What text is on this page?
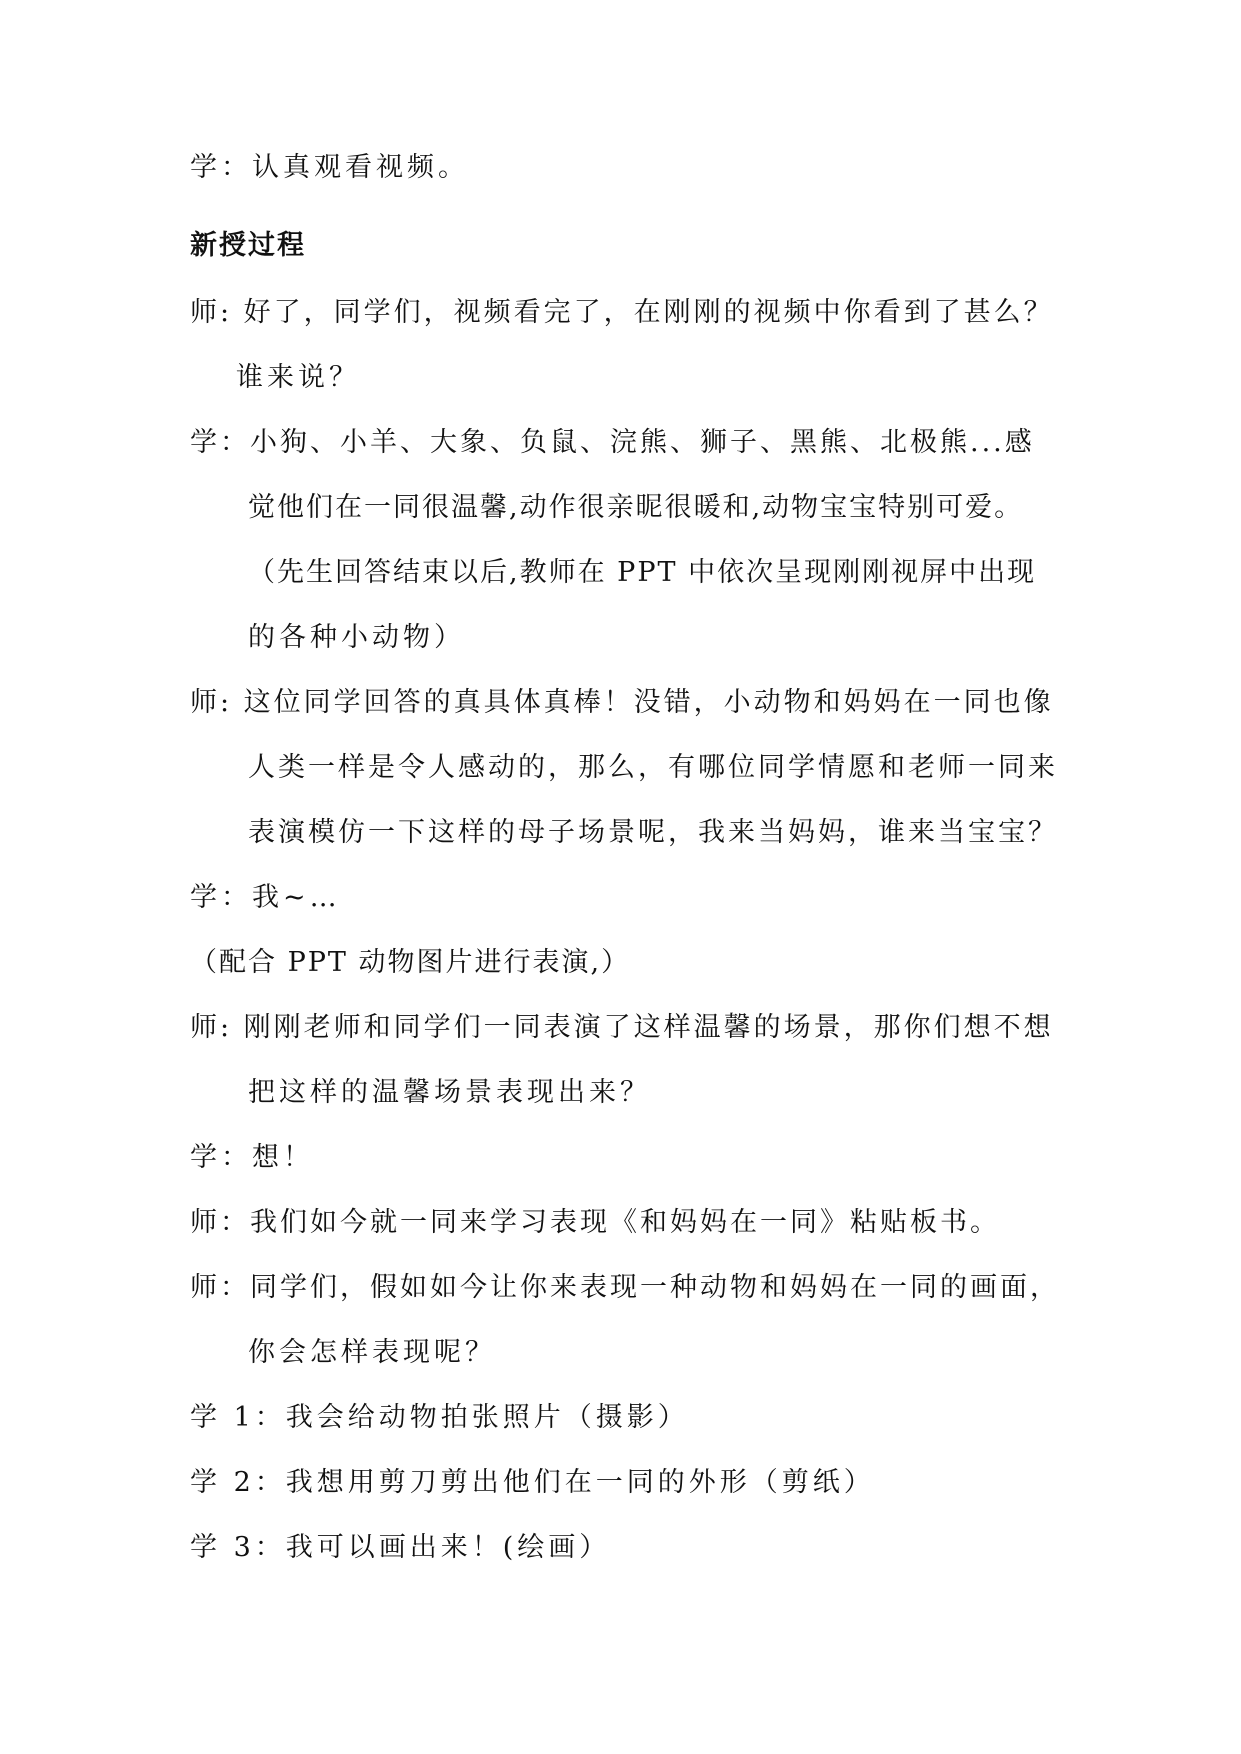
学：认真观看视频。
新授过程
师: 好了，同学们，视频看完了，在刚刚的视频中你看到了甚么？
谁来说？
学：小狗、小羊、大象、负鼠、浣熊、狮子、黑熊、北极熊...感
觉他们在一同很温馨,动作很亲昵很暖和,动物宝宝特别可爱。
（先生回答结束以后,教师在 PPT 中依次呈现刚刚视屏中出现
的各种小动物）
师: 这位同学回答的真具体真棒！没错，小动物和妈妈在一同也像
人类一样是令人感动的，那么，有哪位同学情愿和老师一同来
表演模仿一下这样的母子场景呢，我来当妈妈，谁来当宝宝？
学：我~…
（配合 PPT 动物图片进行表演,）
师: 刚刚老师和同学们一同表演了这样温馨的场景，那你们想不想
把这样的温馨场景表现出来？
学：想！
师：我们如今就一同来学习表现《和妈妈在一同》粘贴板书。
师：同学们，假如如今让你来表现一种动物和妈妈在一同的画面，
你会怎样表现呢？
学 1：我会给动物拍张照片（摄影）
学 2：我想用剪刀剪出他们在一同的外形（剪纸）
学 3：我可以画出来！(绘画）
